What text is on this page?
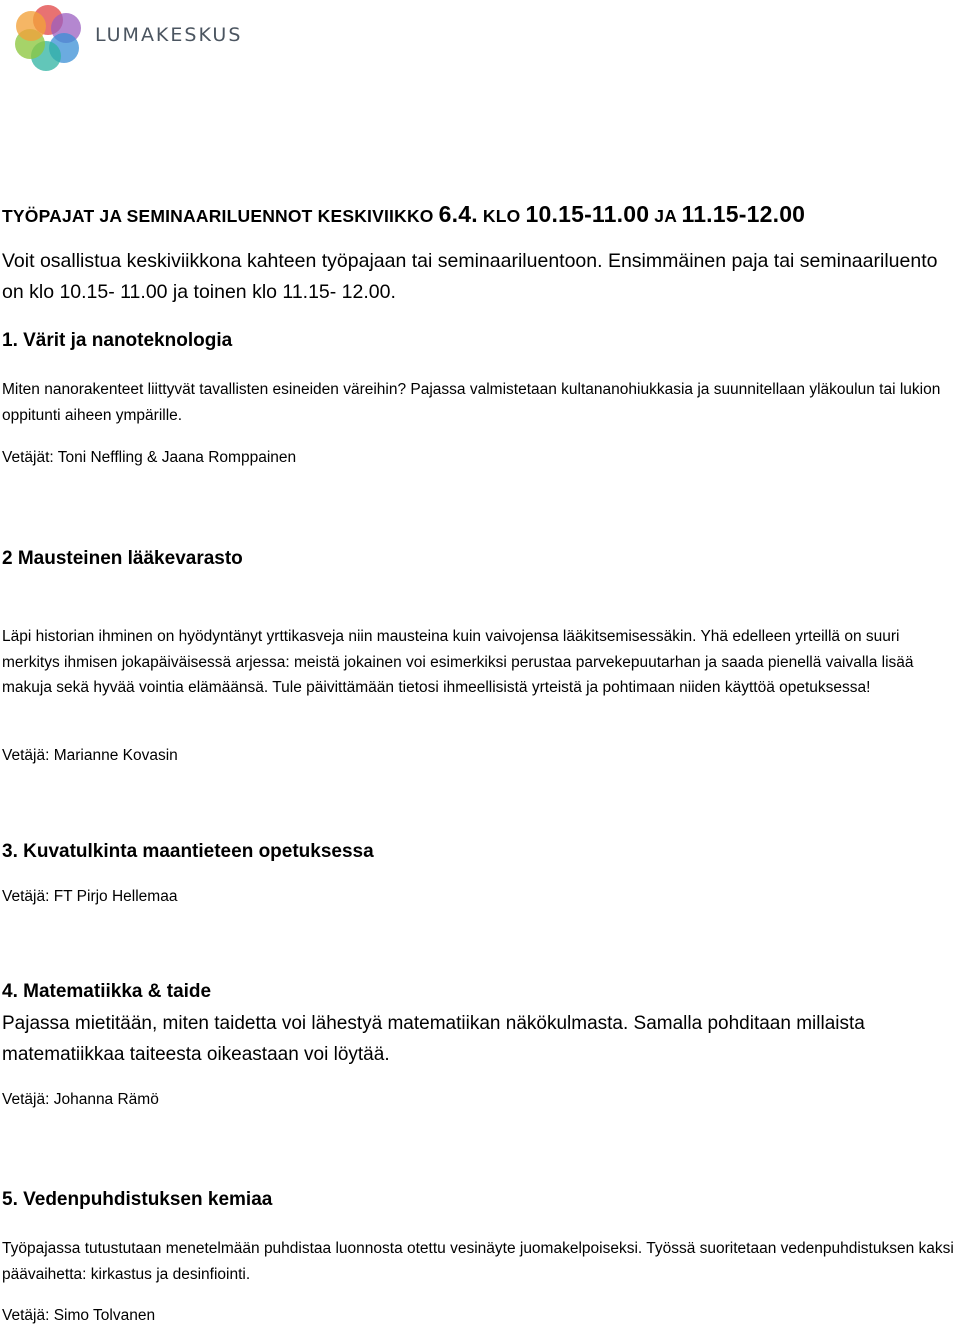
LUMAKESKUS
TYÖPAJAT JA SEMINAARILUENNOT KESKIVIIKKO 6.4. KLO 10.15-11.00 JA 11.15-12.00
Voit osallistua keskiviikkona kahteen työpajaan tai seminaariluentoon. Ensimmäinen paja tai seminaariluento on klo 10.15- 11.00 ja toinen klo 11.15- 12.00.
1. Värit ja nanoteknologia
Miten nanorakenteet liittyvät tavallisten esineiden väreihin? Pajassa valmistetaan kultananohiukkasia ja suunnitellaan yläkoulun tai lukion oppitunti aiheen ympärille.
Vetäjät: Toni Neffling & Jaana Romppainen
2 Mausteinen lääkevarasto
Läpi historian ihminen on hyödyntänyt yrttikasveja niin mausteina kuin vaivojensa lääkitsemisessäkin. Yhä edelleen yrteillä on suuri merkitys ihmisen jokapäiväisessä arjessa: meistä jokainen voi esimerkiksi perustaa parvekepuutarhan ja saada pienellä vaivalla lisää makuja sekä hyvää vointia elämäänsä. Tule päivittämään tietosi ihmeellisistä yrteistä ja pohtimaan niiden käyttöä opetuksessa!
Vetäjä: Marianne Kovasin
3. Kuvatulkinta maantieteen opetuksessa
Vetäjä: FT Pirjo Hellemaa
4. Matematiikka & taide
Pajassa mietitään, miten taidetta voi lähestyä matematiikan näkökulmasta. Samalla pohditaan millaista matematiikkaa taiteesta oikeastaan voi löytää.
Vetäjä: Johanna Rämö
5. Vedenpuhdistuksen kemiaa
Työpajassa tutustutaan menetelmään puhdistaa luonnosta otettu vesinäyte juomakelpoiseksi. Työssä suoritetaan vedenpuhdistuksen kaksi päävaihetta: kirkastus ja desinfiointi.
Vetäjä: Simo Tolvanen
